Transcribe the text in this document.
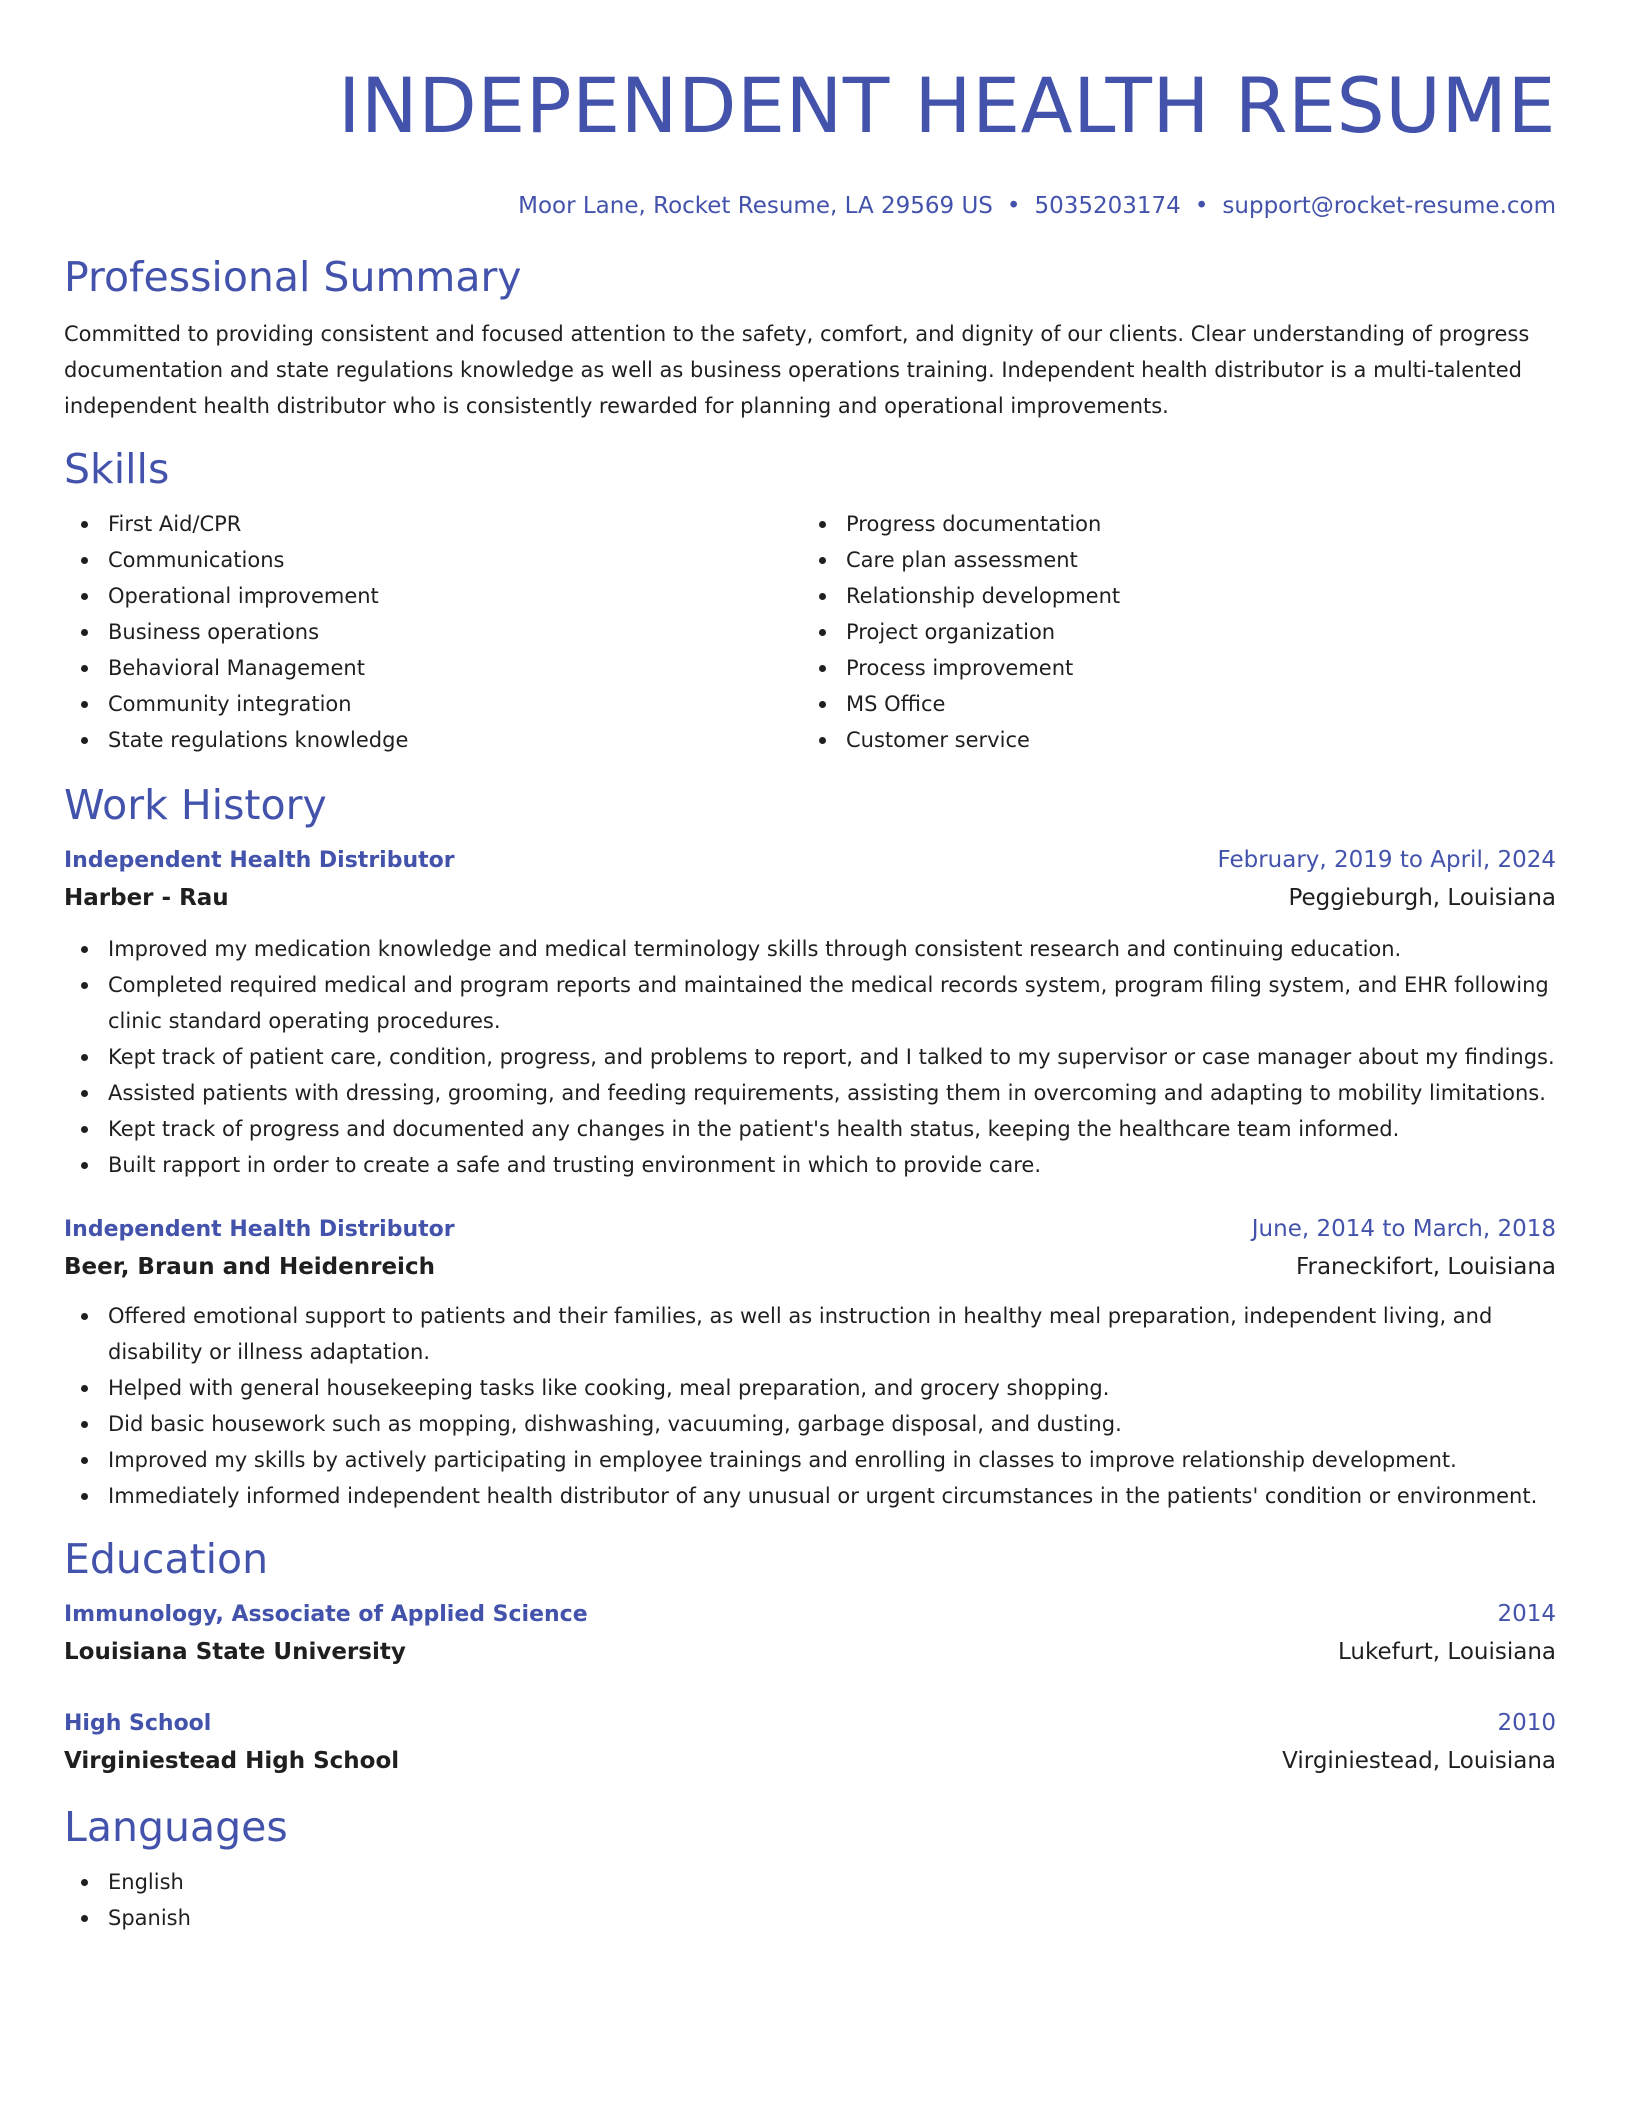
INDEPENDENT HEALTH RESUME
Moor Lane, Rocket Resume, LA 29569 US • 5035203174 • support@rocket-resume.com
Professional Summary

Committed to providing consistent and focused attention to the safety, comfort, and dignity of our clients. Clear understanding of progress documentation and state regulations knowledge as well as business operations training. Independent health distributor is a multi-talented independent health distributor who is consistently rewarded for planning and operational improvements.

Skills
First Aid/CPR
Communications
Operational improvement
Business operations
Behavioral Management
Community integration
State regulations knowledge
Progress documentation
Care plan assessment
Relationship development
Project organization
Process improvement
MS Office
Customer service
Work History
Independent Health Distributor	February, 2019 to April, 2024
Harber - Rau	Peggieburgh, Louisiana
Improved my medication knowledge and medical terminology skills through consistent research and continuing education.
Completed required medical and program reports and maintained the medical records system, program filing system, and EHR following clinic standard operating procedures.
Kept track of patient care, condition, progress, and problems to report, and I talked to my supervisor or case manager about my findings.
Assisted patients with dressing, grooming, and feeding requirements, assisting them in overcoming and adapting to mobility limitations.
Kept track of progress and documented any changes in the patient's health status, keeping the healthcare team informed.
Built rapport in order to create a safe and trusting environment in which to provide care.
Independent Health Distributor	June, 2014 to March, 2018
Beer, Braun and Heidenreich	Franeckifort, Louisiana
Offered emotional support to patients and their families, as well as instruction in healthy meal preparation, independent living, and disability or illness adaptation.
Helped with general housekeeping tasks like cooking, meal preparation, and grocery shopping.
Did basic housework such as mopping, dishwashing, vacuuming, garbage disposal, and dusting.
Improved my skills by actively participating in employee trainings and enrolling in classes to improve relationship development.
Immediately informed independent health distributor of any unusual or urgent circumstances in the patients' condition or environment.
Education
Immunology, Associate of Applied Science	2014
Louisiana State University	Lukefurt, Louisiana
High School	2010
Virginiestead High School	Virginiestead, Louisiana
Languages
English
Spanish
